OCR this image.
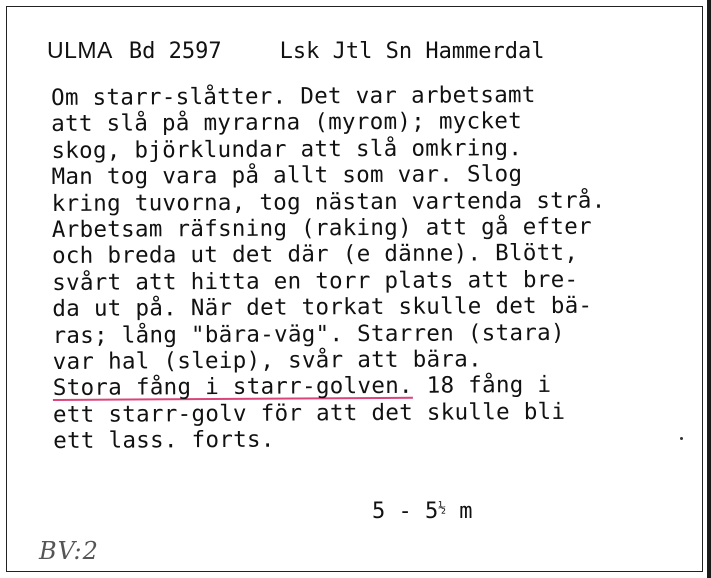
ULMA Bd 2597	Lsk Jtl Sn Hammerdal
Om starr-slåtter. Det var arbetsamt
att slå på myrarna (myrom); mycket
skog, björklundar att slå omkring.
Man tog vara på allt som var. Slog
kring tuvorna, tog nästan vartenda strå.
Arbetsam räfsning (raking) att gå efter
och breda ut det där (e dänne). Blött,
svårt att hitta en torr plats att bre-
da ut på. När det torkat skulle det bä-
ras; lång "bära-väg". Starren (stara)
var hal (sleip), svår att bära.
Stora fång i starr-golven. 18 fång i
ett starr-golv för att det skulle bli
ett lass. forts.
$5 - 5^{\frac{1}{2}}$ m
BV:2
